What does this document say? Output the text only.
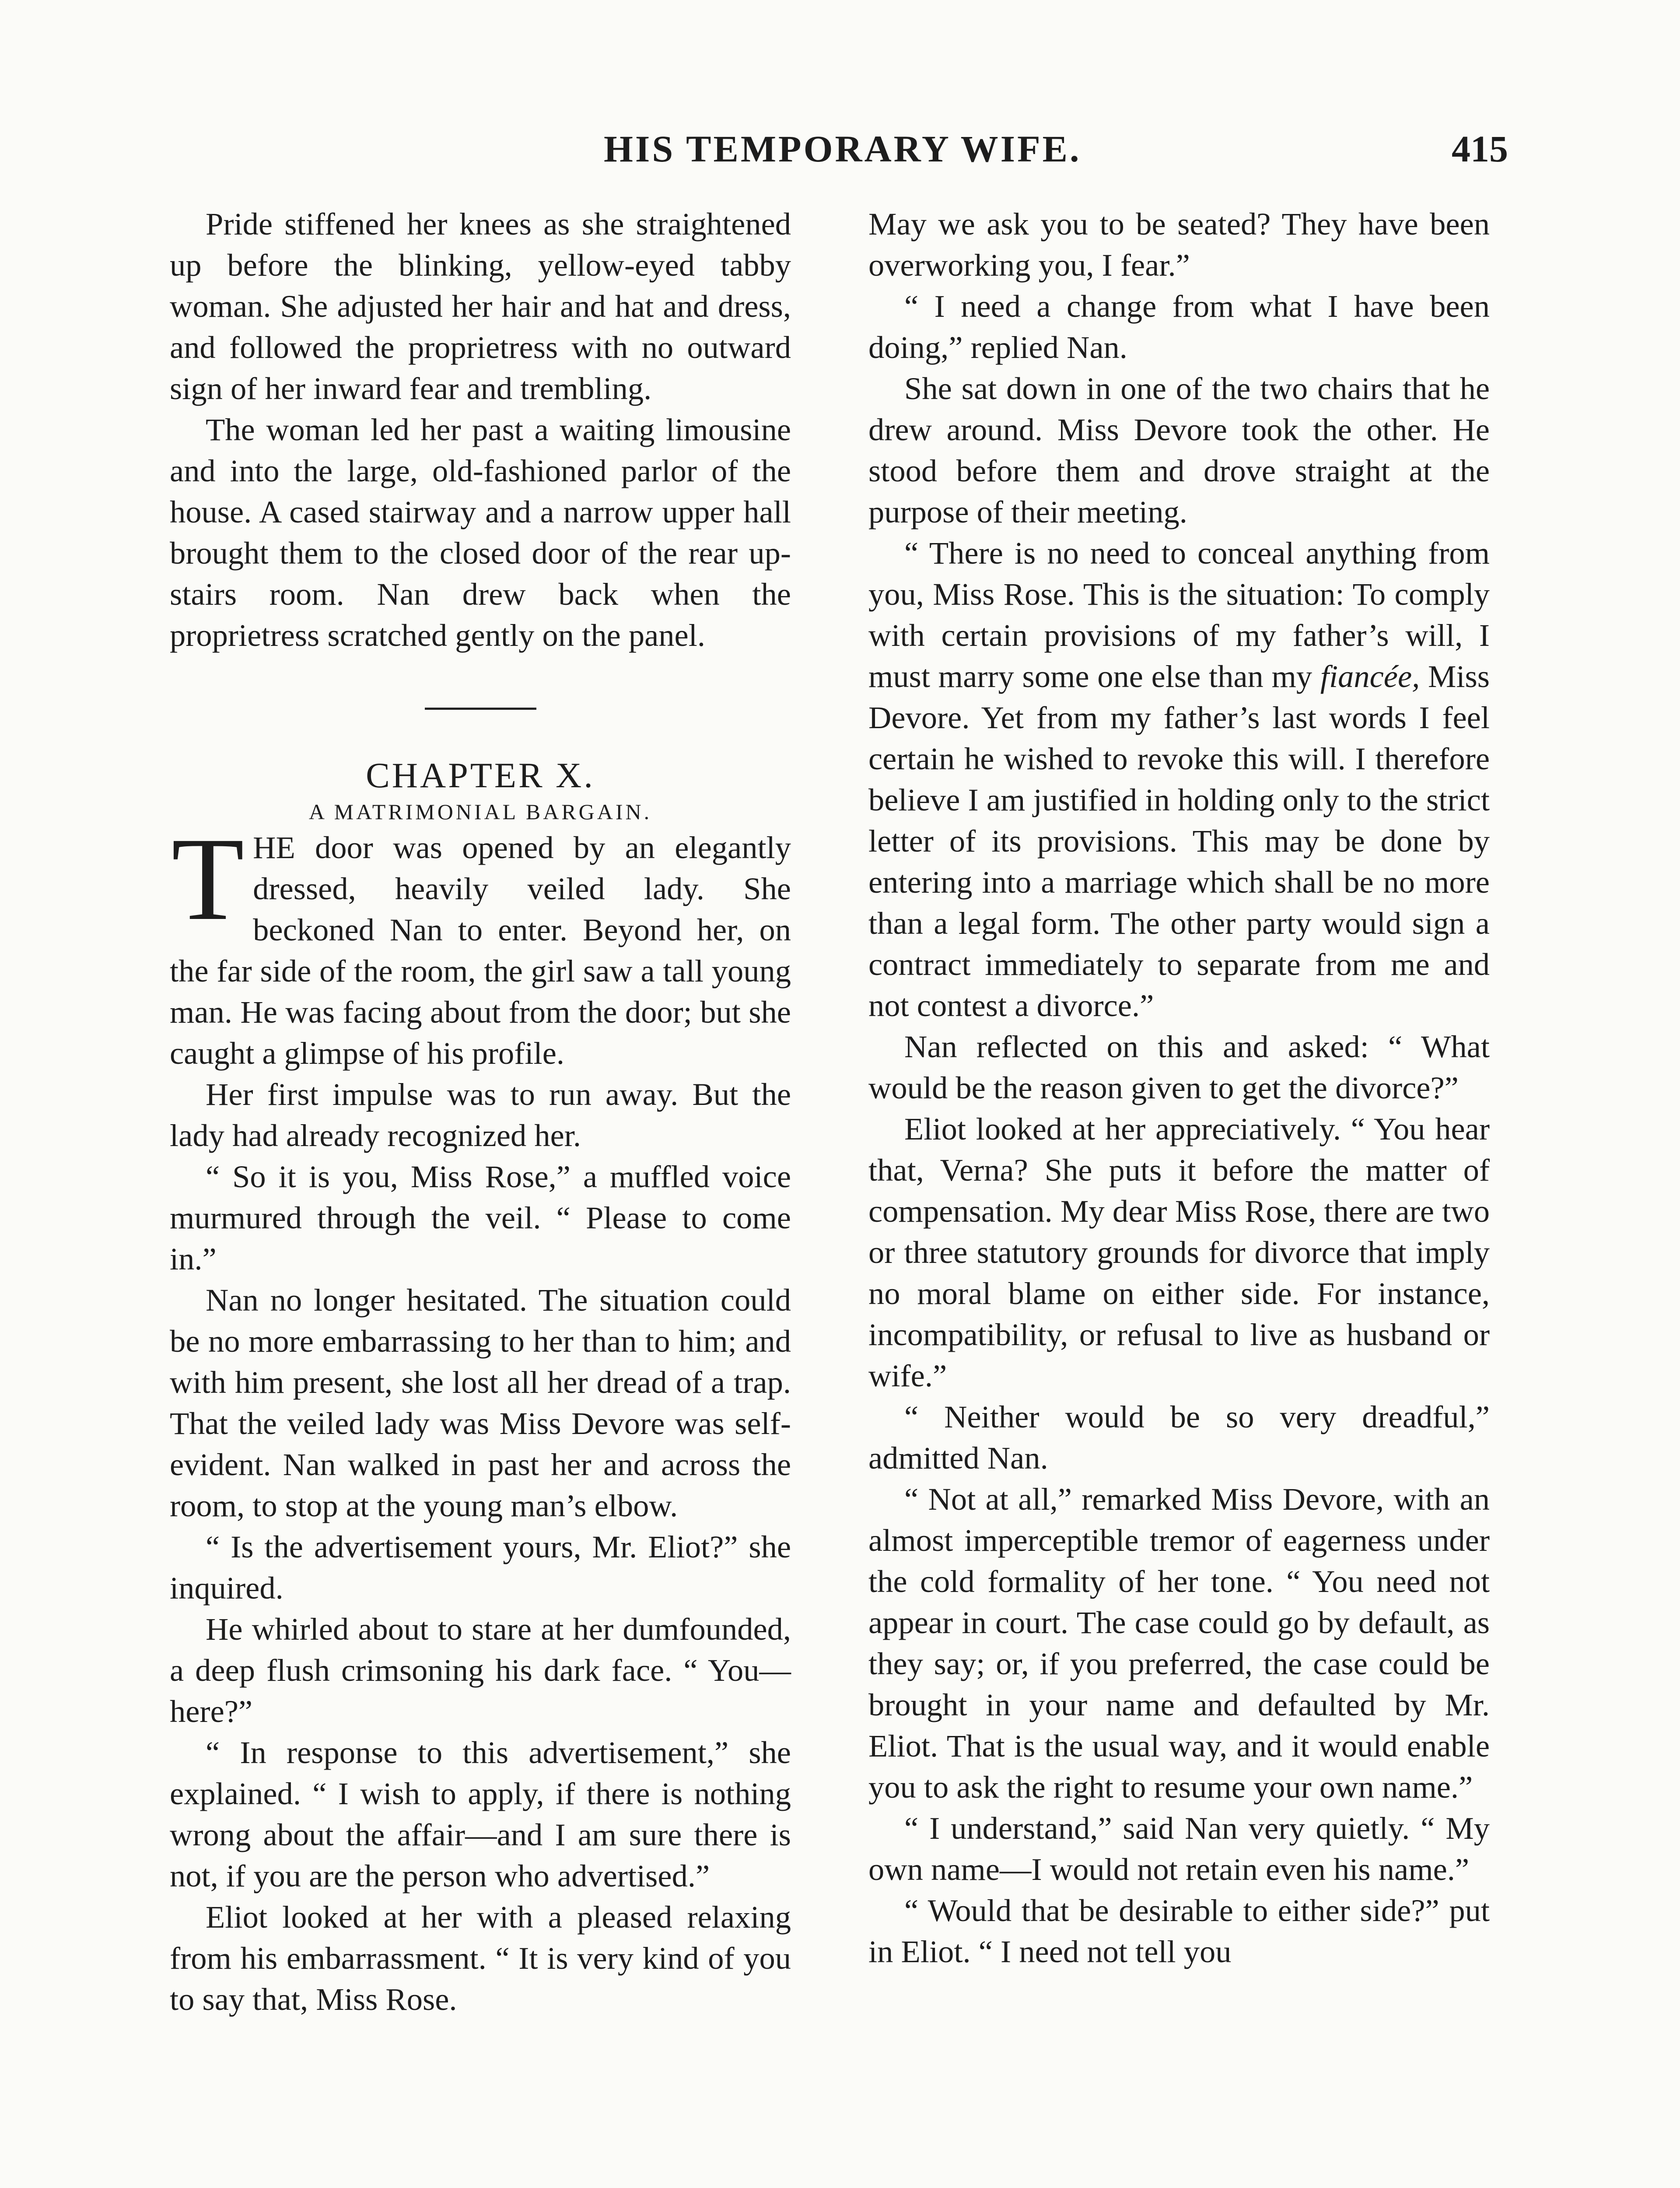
HIS TEMPORARY WIFE.	415

Pride stiffened her knees as she straightened up before the blinking, yellow-eyed tabby woman. She adjusted her hair and hat and dress, and followed the proprietress with no outward sign of her inward fear and trembling.

The woman led her past a waiting limousine and into the large, old-fashioned parlor of the house. A cased stairway and a narrow upper hall brought them to the closed door of the rear up-stairs room. Nan drew back when the proprietress scratched gently on the panel.

CHAPTER X.

A MATRIMONIAL BARGAIN.

THE door was opened by an elegantly dressed, heavily veiled lady. She beckoned Nan to enter. Beyond her, on the far side of the room, the girl saw a tall young man. He was facing about from the door; but she caught a glimpse of his profile.

Her first impulse was to run away. But the lady had already recognized her.

“ So it is you, Miss Rose,” a muffled voice murmured through the veil. “ Please to come in.”

Nan no longer hesitated. The situation could be no more embarrassing to her than to him; and with him present, she lost all her dread of a trap. That the veiled lady was Miss Devore was self-evident. Nan walked in past her and across the room, to stop at the young man’s elbow.

“ Is the advertisement yours, Mr. Eliot?” she inquired.

He whirled about to stare at her dumfounded, a deep flush crimsoning his dark face. “ You—here?”

“ In response to this advertisement,” she explained. “ I wish to apply, if there is nothing wrong about the affair—and I am sure there is not, if you are the person who advertised.”

Eliot looked at her with a pleased relaxing from his embarrassment. “ It is very kind of you to say that, Miss Rose.

May we ask you to be seated? They have been overworking you, I fear.”

“ I need a change from what I have been doing,” replied Nan.

She sat down in one of the two chairs that he drew around. Miss Devore took the other. He stood before them and drove straight at the purpose of their meeting.

“ There is no need to conceal anything from you, Miss Rose. This is the situation: To comply with certain provisions of my father’s will, I must marry some one else than my fiancée, Miss Devore. Yet from my father’s last words I feel certain he wished to revoke this will. I therefore believe I am justified in holding only to the strict letter of its provisions. This may be done by entering into a marriage which shall be no more than a legal form. The other party would sign a contract immediately to separate from me and not contest a divorce.”

Nan reflected on this and asked: “ What would be the reason given to get the divorce?”

Eliot looked at her appreciatively. “ You hear that, Verna? She puts it before the matter of compensation. My dear Miss Rose, there are two or three statutory grounds for divorce that imply no moral blame on either side. For instance, incompatibility, or refusal to live as husband or wife.”

“ Neither would be so very dreadful,” admitted Nan.

“ Not at all,” remarked Miss Devore, with an almost imperceptible tremor of eagerness under the cold formality of her tone. “ You need not appear in court. The case could go by default, as they say; or, if you preferred, the case could be brought in your name and defaulted by Mr. Eliot. That is the usual way, and it would enable you to ask the right to resume your own name.”

“ I understand,” said Nan very quietly. “ My own name—I would not retain even his name.”

“ Would that be desirable to either side?” put in Eliot. “ I need not tell you
